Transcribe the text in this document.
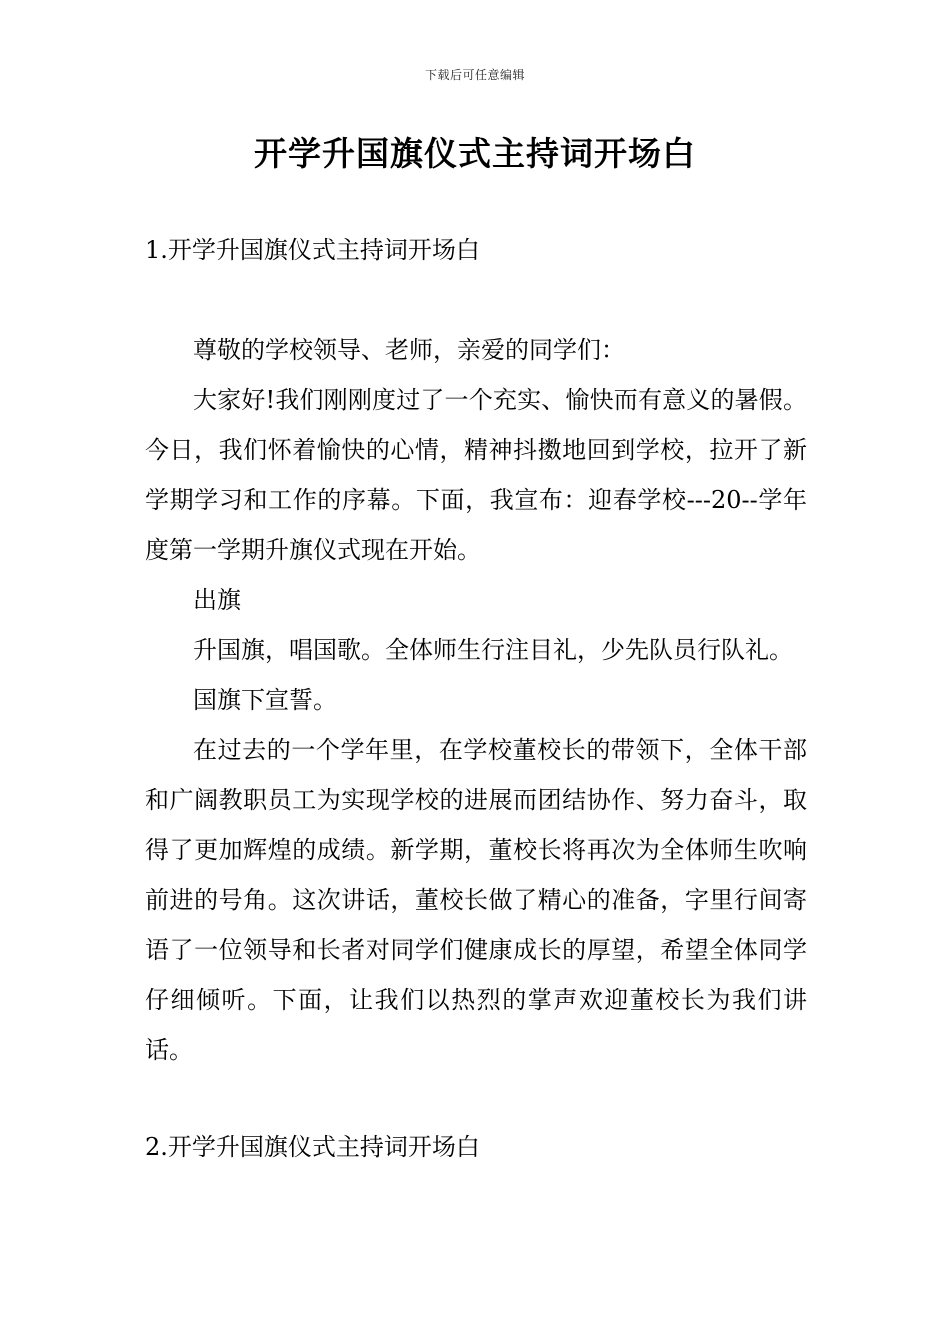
下载后可任意编辑
开学升国旗仪式主持词开场白
1.开学升国旗仪式主持词开场白

尊敬的学校领导、老师，亲爱的同学们：

大家好!我们刚刚度过了一个充实、愉快而有意义的暑假。今日，我们怀着愉快的心情，精神抖擞地回到学校，拉开了新学期学习和工作的序幕。下面，我宣布：迎春学校---20--学年度第一学期升旗仪式现在开始。

出旗

升国旗，唱国歌。全体师生行注目礼，少先队员行队礼。

国旗下宣誓。

在过去的一个学年里，在学校董校长的带领下，全体干部和广阔教职员工为实现学校的进展而团结协作、努力奋斗，取得了更加辉煌的成绩。新学期，董校长将再次为全体师生吹响前进的号角。这次讲话，董校长做了精心的准备，字里行间寄语了一位领导和长者对同学们健康成长的厚望，希望全体同学仔细倾听。下面，让我们以热烈的掌声欢迎董校长为我们讲话。

2.开学升国旗仪式主持词开场白
